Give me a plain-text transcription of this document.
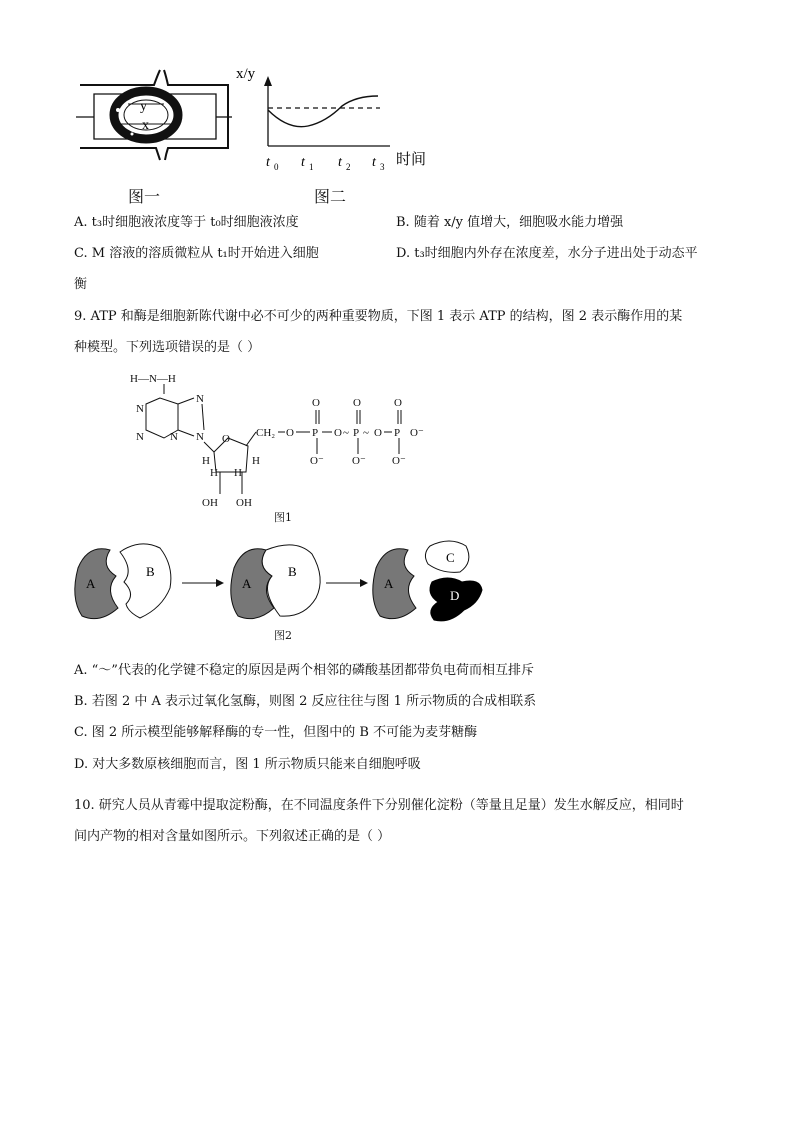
y
x
图一
x/y
t t t t
0	1	2	3 时间
图二
A. t₃时细胞液浓度等于 t₀时细胞液浓度	B. 随着 x/y 值增大，细胞吸水能力增强
C. M 溶液的溶质微粒从 t₁时开始进入细胞	D. t₃时细胞内外存在浓度差，水分子进出处于动态平
衡
9. ATP 和酶是细胞新陈代谢中必不可少的两种重要物质，下图 1 表示 ATP 的结构，图 2 表示酶作用的某
种模型。下列选项错误的是（ ）
H—N—H
N
N
N N N O CH₂ O P O ~ P ~ O P
O	O	O
O⁻
O⁻	O⁻ O⁻
H	H
H H
OH OH
图1
A
B
A
B
A
C
D
图2
A. “～”代表的化学键不稳定的原因是两个相邻的磷酸基团都带负电荷而相互排斥
B. 若图 2 中 A 表示过氧化氢酶，则图 2 反应往往与图 1 所示物质的合成相联系
C. 图 2 所示模型能够解释酶的专一性，但图中的 B 不可能为麦芽糖酶
D. 对大多数原核细胞而言，图 1 所示物质只能来自细胞呼吸
10. 研究人员从青霉中提取淀粉酶，在不同温度条件下分别催化淀粉（等量且足量）发生水解反应，相同时
间内产物的相对含量如图所示。下列叙述正确的是（ ）
